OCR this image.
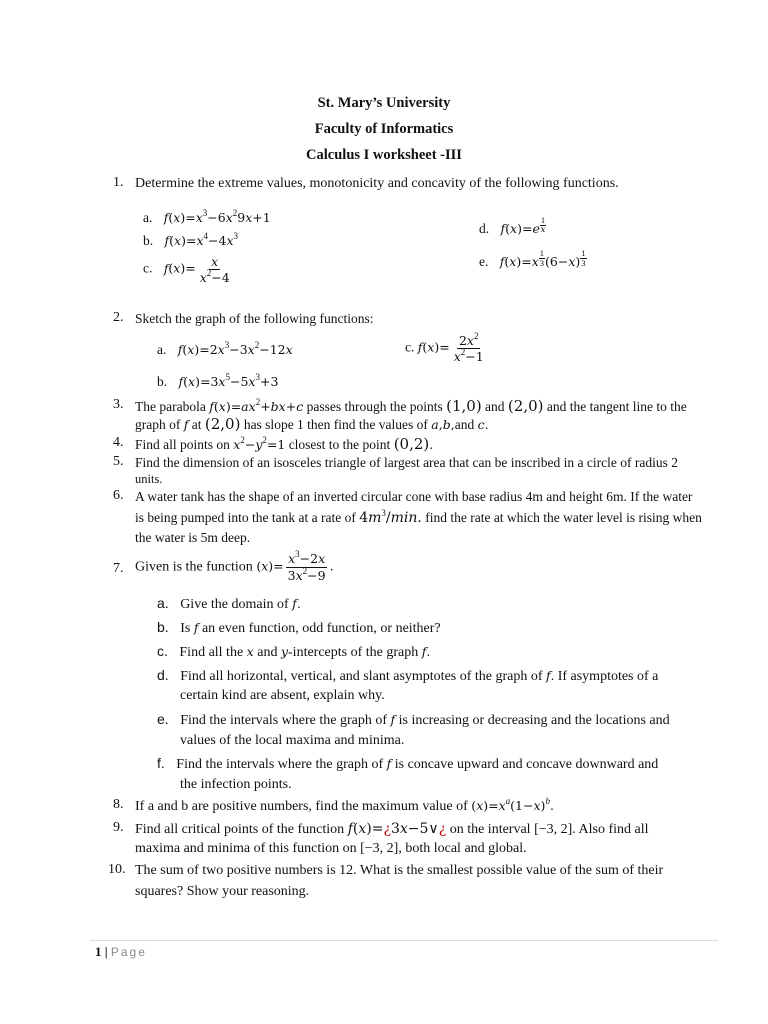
St. Mary’s University
Faculty of Informatics
Calculus I worksheet -III
1. Determine the extreme values, monotonicity and concavity of the following functions.
a. $f(x)=x^3-6x^29x+1$
b. $f(x)=x^4-4x^3$
c. $f(x)= \frac{x}{x^2-4}$
d. $f(x)=e \frac{1}{x}$
e. $f(x)=x \frac{1}{3} (6-x) \frac{1}{3}$
2. Sketch the graph of the following functions:
a. $f(x)=2x^3-3x^2-12x$	c. $f(x)= \frac{2x^2}{x^2-1}$
b. $f(x)=3x^5-5x^3+3$
3. The parabola $f(x)=ax^2+bx+c$ passes through the points (1,0) and (2,0) and the tangent line to the
graph of f at (2,0) has slope 1 then find the values of a,b,and c.
4. Find all points on $x^2-y^2=1$ closest to the point (0,2).
5. Find the dimension of an isosceles triangle of largest area that can be inscribed in a circle of radius 2
units.
6. A water tank has the shape of an inverted circular cone with base radius 4m and height 6m. If the water
is being pumped into the tank at a rate of $4m^3/\min$. find the rate at which the water level is rising when
the water is 5m deep.
7. Given is the function $(x)= \frac{x^3-2x}{3x^2-9}$ .
a. Give the domain of f.
b. Is f an even function, odd function, or neither?
c. Find all the x and y-intercepts of the graph f.
d. Find all horizontal, vertical, and slant asymptotes of the graph of f. If asymptotes of a
certain kind are absent, explain why.
e. Find the intervals where the graph of f is increasing or decreasing and the locations and
values of the local maxima and minima.
f. Find the intervals where the graph of f is concave upward and concave downward and
the infection points.
8. If a and b are positive numbers, find the maximum value of $(x)=x^a(1-x)^b$.
9. Find all critical points of the function f(x)=¿3x−5∨¿ on the interval [−3, 2]. Also find all
maxima and minima of this function on [−3, 2], both local and global.
10. The sum of two positive numbers is 12. What is the smallest possible value of the sum of their
squares? Show your reasoning.
1 | Page
